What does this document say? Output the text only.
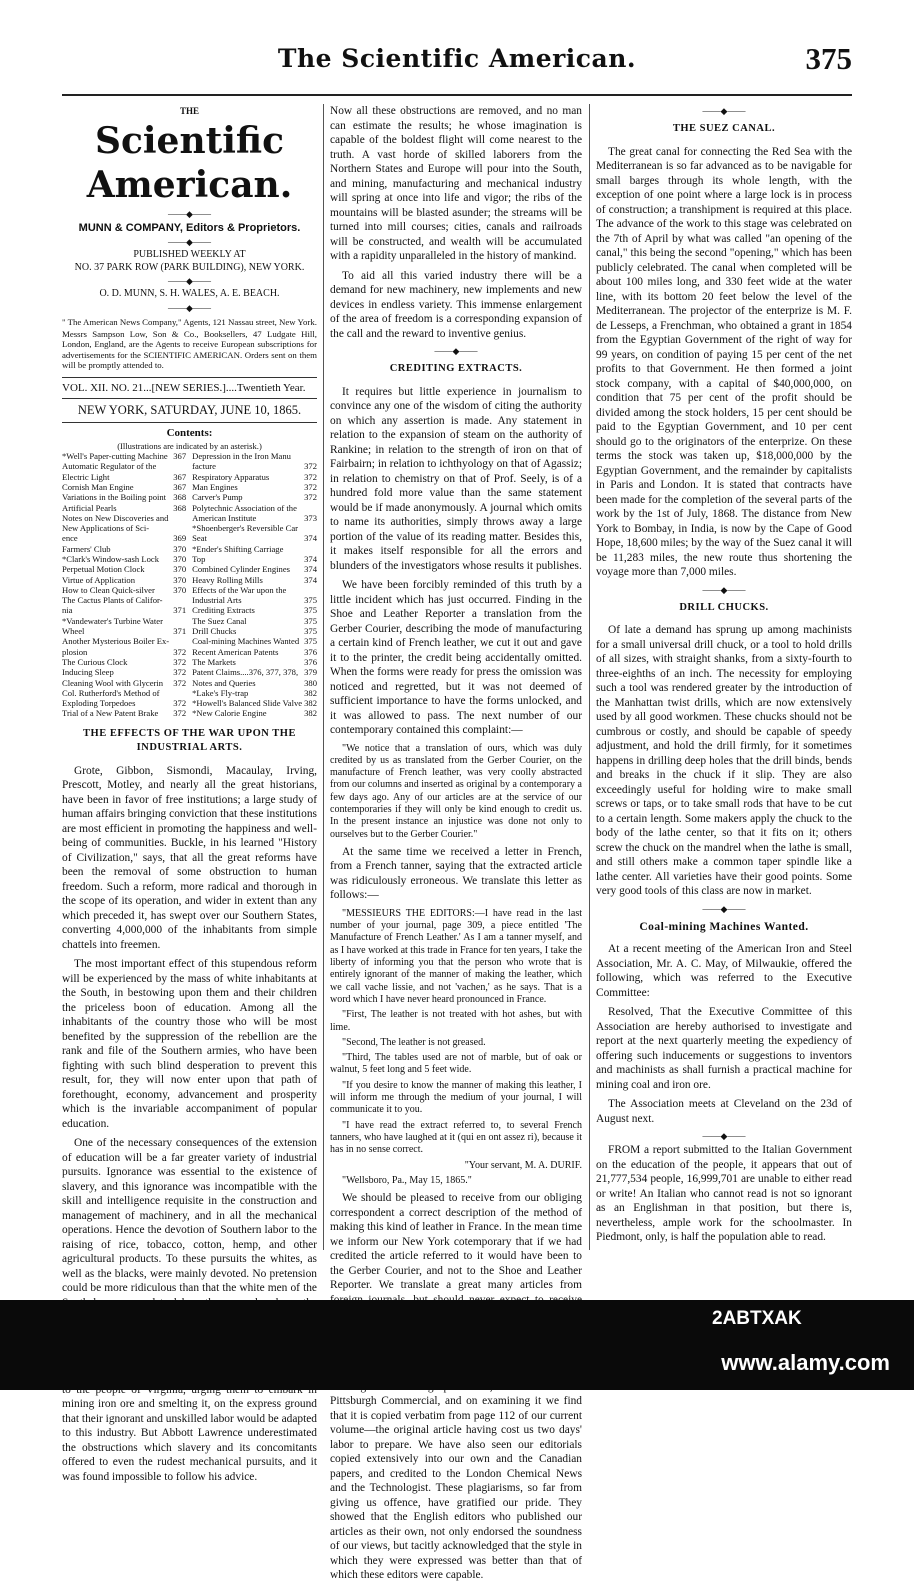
The Scientific American.	375
THE
Scientific American.
——◆——
MUNN & COMPANY, Editors & Proprietors.
——◆——
PUBLISHED WEEKLY AT
NO. 37 PARK ROW (PARK BUILDING), NEW YORK.
——◆——
O. D. MUNN, S. H. WALES, A. E. BEACH.
——◆——
" The American News Company," Agents, 121 Nassau street, New York.
Messrs Sampson Low, Son & Co., Booksellers, 47 Ludgate Hill, London, England, are the Agents to receive European subscriptions for advertisements for the SCIENTIFIC AMERICAN. Orders sent on them will be promptly attended to.
VOL. XII. NO. 21...[NEW SERIES.]....Twentieth Year.
NEW YORK, SATURDAY, JUNE 10, 1865.
Contents:
(Illustrations are indicated by an asterisk.)
*Well's Paper-cutting Machine 367
Automatic Regulator of the
Electric Light	367
Cornish Man Engine	367
Variations in the Boiling point 368
Artificial Pearls	368
Notes on New Discoveries and
New Applications of Sci-
ence	369
Farmers' Club	370
*Clark's Window-sash Lock 370
Perpetual Motion Clock	370
Virtue of Application	370
How to Clean Quick-silver 370
The Cactus Plants of Califor-
nia	371
*Vandewater's Turbine Water
Wheel	371
Another Mysterious Boiler Ex-
plosion	372
The Curious Clock	372
Inducing Sleep	372
Cleaning Wool with Glycerin 372
Col. Rutherford's Method of
Exploding Torpedoes	372
Trial of a New Patent Brake 372
Depression in the Iron Manu
facture	372
Respiratory Apparatus	372
Man Engines	372
Carver's Pump	372
Polytechnic Association of the
American Institute	373
*Shoenberger's Reversible Car
Seat	374
*Ender's Shifting Carriage
Top	374
Combined Cylinder Engines 374
Heavy Rolling Mills	374
Effects of the War upon the
Industrial Arts	375
Crediting Extracts	375
The Suez Canal	375
Drill Chucks	375
Coal-mining Machines Wanted 375
Recent American Patents	376
The Markets	376
Patent Claims....376, 377, 378, 379
Notes and Queries	380
*Lake's Fly-trap	382
*Howell's Balanced Slide Valve 382
*New Calorie Engine	382
THE EFFECTS OF THE WAR UPON THE INDUSTRIAL ARTS.

Grote, Gibbon, Sismondi, Macaulay, Irving, Prescott, Motley, and nearly all the great historians, have been in favor of free institutions; a large study of human affairs bringing conviction that these institutions are most efficient in promoting the happiness and well-being of communities. Buckle, in his learned "History of Civilization," says, that all the great reforms have been the removal of some obstruction to human freedom. Such a reform, more radical and thorough in the scope of its operation, and wider in extent than any which preceded it, has swept over our Southern States, converting 4,000,000 of the inhabitants from simple chattels into freemen.

The most important effect of this stupendous reform will be experienced by the mass of white inhabitants at the South, in bestowing upon them and their children the priceless boon of education. Among all the inhabitants of the country those who will be most benefited by the suppression of the rebellion are the rank and file of the Southern armies, who have been fighting with such blind desperation to prevent this result, for, they will now enter upon that path of forethought, economy, advancement and prosperity which is the invariable accompaniment of popular education.

One of the necessary consequences of the extension of education will be a far greater variety of industrial pursuits. Ignorance was essential to the existence of slavery, and this ignorance was incompatible with the skill and intelligence requisite in the construction and management of machinery, and in all the mechanical operations. Hence the devotion of Southern labor to the raising of rice, tobacco, cotton, hemp, and other agricultural products. To these pursuits the whites, as well as the blacks, were mainly devoted. No pretension could be more ridiculous than that the white men of the mining iron ore and smelting it, on the express ground that their ignorant and unskilled labor would be adapted to this industry. But Abbott Lawrence underestimated the obstructions which slavery and its concomitants offered to even the rudest mechanical pursuits, and it was found impossible to follow his advice.

Now all these obstructions are removed, and no man can estimate the results; he whose imagination is capable of the boldest flight will come nearest to the truth. A vast horde of skilled laborers from the Northern States and Europe will pour into the South, and mining, manufacturing and mechanical industry will spring at once into life and vigor; the ribs of the mountains will be blasted asunder; the streams will be turned into mill courses; cities, canals and railroads will be constructed, and wealth will be accumulated with a rapidity unparalleled in the history of mankind.

To aid all this varied industry there will be a demand for new machinery, new implements and new devices in endless variety. This immense enlargement of the area of freedom is a corresponding expansion of the call and the reward to inventive genius.

——◆——
CREDITING EXTRACTS.

It requires but little experience in journalism to convince any one of the wisdom of citing the authority on which any assertion is made. Any statement in relation to the expansion of steam on the authority of Rankine; in relation to the strength of iron on that of Fairbairn; in relation to ichthyology on that of Agassiz; in relation to chemistry on that of Prof. Seely, is of a hundred fold more value than the same statement would be if made anonymously. A journal which omits to name its authorities, simply throws away a large portion of the value of its reading matter. Besides this, it makes itself responsible for all the errors and blunders of the investigators whose results it publishes.

We have been forcibly reminded of this truth by a little incident which has just occurred. Finding in the Shoe and Leather Reporter a translation from the Gerber Courier, describing the mode of manufacturing a certain kind of French leather, we cut it out and gave it to the printer, the credit being accidentally omitted. When the forms were ready for press the omission was noticed and regretted, but it was not deemed of sufficient importance to have the forms unlocked, and it was allowed to pass. The next number of our contemporary contained this complaint:—

"We notice that a translation of ours, which was duly credited by us as translated from the Gerber Courier, on the manufacture of French leather, was very coolly abstracted from our columns and inserted as original by a contemporary a few days ago. Any of our articles are at the service of our contemporaries if they will only be kind enough to credit us. In the present instance an injustice was done not only to ourselves but to the Gerber Courier."

At the same time we received a letter in French, from a French tanner, saying that the extracted article was ridiculously erroneous. We translate this letter as follows:—

"MESSIEURS THE EDITORS:—I have read in the last number of your journal, page 309, a piece entitled 'The Manufacture of French Leather.' As I am a tanner myself, and as I have worked at this trade in France for ten years, I take the liberty of informing you that the person who wrote that is entirely ignorant of the manner of making the leather, which we call vache lissie, and not 'vachen,' as he says. That is a word which I have never heard pronounced in France.

"First, The leather is not treated with hot ashes, but with lime.

"Second, The leather is not greased.

"Third, The tables used are not of marble, but of oak or walnut, 5 feet long and 5 feet wide.

"If you desire to know the manner of making this leather, I will inform me through the medium of your journal, I will communicate it to you.

"I have read the extract referred to, to several French tanners, who have laughed at it (qui en ont assez ri), because it has in no sense correct.

"Your servant, M. A. DURIF.

"Wellsboro, Pa., May 15, 1865."

We should be pleased to receive from our obliging correspondent a correct description of the method of making this kind of leather in France. In the mean time we inform our New York cotemporary that if we had credited the article referred to it would have been to the Gerber Courier, and not to the Shoe and Leather Reporter. We translate a great many articles from Pittsburgh Commercial, and on examining it we find that it is copied verbatim from page 112 of our current volume—the original article having cost us two days' labor to prepare. We have also seen our editorials copied extensively into our own and the Canadian papers, and credited to the London Chemical News and the Technologist. These plagiarisms, so far from giving us offence, have gratified our pride. They showed that the English editors who published our articles as their own, not only endorsed the soundness of our views, but tacitly acknowledged that the style in which they were expressed was better than that of which these editors were capable.

——◆——
THE SUEZ CANAL.

The great canal for connecting the Red Sea with the Mediterranean is so far advanced as to be navigable for small barges through its whole length, with the exception of one point where a large lock is in process of construction; a transhipment is required at this place. The advance of the work to this stage was celebrated on the 7th of April by what was called "an opening of the canal," this being the second "opening," which has been publicly celebrated. The canal when completed will be about 100 miles long, and 330 feet wide at the water line, with its bottom 20 feet below the level of the Mediterranean. The projector of the enterprize is M. F. de Lesseps, a Frenchman, who obtained a grant in 1854 from the Egyptian Government of the right of way for 99 years, on condition of paying 15 per cent of the net profits to that Government. He then formed a joint stock company, with a capital of $40,000,000, on condition that 75 per cent of the profit should be divided among the stock holders, 15 per cent should be paid to the Egyptian Government, and 10 per cent should go to the originators of the enterprize. On these terms the stock was taken up, $18,000,000 by the Egyptian Government, and the remainder by capitalists in Paris and London. It is stated that contracts have been made for the completion of the several parts of the work by the 1st of July, 1868. The distance from New York to Bombay, in India, is now by the Cape of Good Hope, 18,600 miles; by the way of the Suez canal it will be 11,283 miles, the new route thus shortening the voyage more than 7,000 miles.

——◆——
DRILL CHUCKS.

Of late a demand has sprung up among machinists for a small universal drill chuck, or a tool to hold drills of all sizes, with straight shanks, from a sixty-fourth to three-eighths of an inch. The necessity for employing such a tool was rendered greater by the introduction of the Manhattan twist drills, which are now extensively used by all good workmen. These chucks should not be cumbrous or costly, and should be capable of speedy adjustment, and hold the drill firmly, for it sometimes happens in drilling deep holes that the drill binds, bends and breaks in the chuck if it slip. They are also exceedingly useful for holding wire to make small screws or taps, or to take small rods that have to be cut to a certain length. Some makers apply the chuck to the body of the lathe center, so that it fits on it; others screw the chuck on the mandrel when the lathe is small, and still others make a common taper spindle like a lathe center. All varieties have their good points. Some very good tools of this class are now in market.

——◆——
Coal-mining Machines Wanted.

At a recent meeting of the American Iron and Steel Association, Mr. A. C. May, of Milwaukie, offered the following, which was referred to the Executive Committee:

Resolved, That the Executive Committee of this Association are hereby authorised to investigate and report at the next quarterly meeting the expediency of offering such inducements or suggestions to inventors and machinists as shall furnish a practical machine for mining coal and iron ore.

The Association meets at Cleveland on the 23d of August next.

——◆——

FROM a report submitted to the Italian Government on the education of the people, it appears that out of 21,777,534 people, 16,999,701 are unable to either read or write! An Italian who cannot read is not so ignorant as an Englishman in that position, but there is, nevertheless, ample work for the schoolmaster. In Piedmont, only, is half the population able to read.

2ABTXAK
www.alamy.com
